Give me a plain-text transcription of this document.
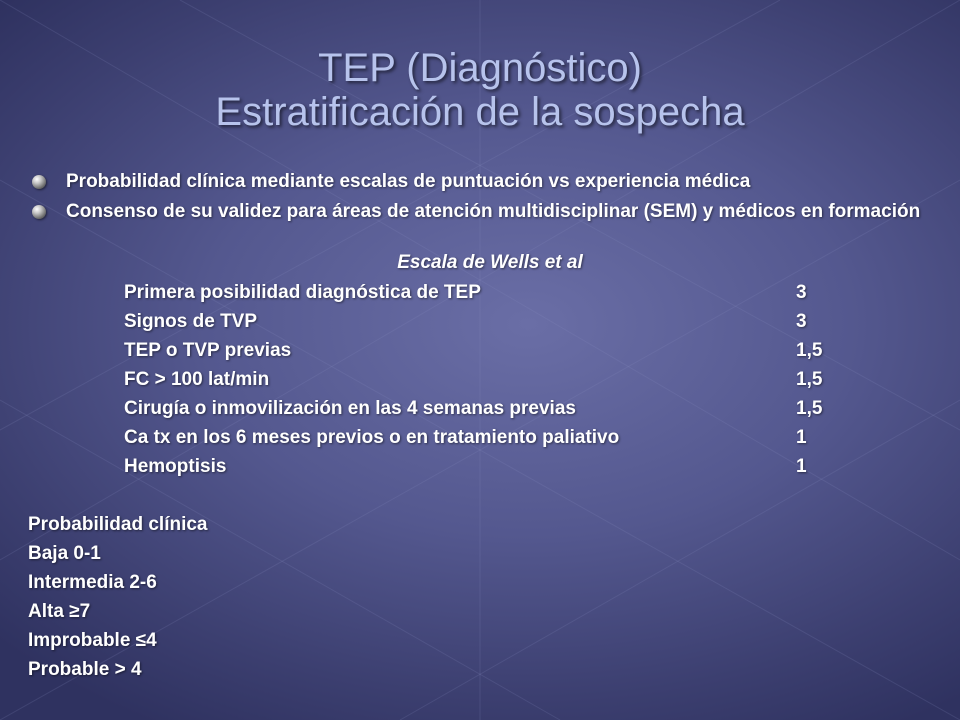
TEP (Diagnóstico)
Estratificación de la sospecha
Probabilidad clínica mediante escalas de puntuación vs experiencia médica
Consenso de su validez para áreas de atención multidisciplinar (SEM) y médicos en formación
Escala de Wells et al
Primera posibilidad diagnóstica de TEP	3
Signos de TVP	3
TEP o TVP previas	1,5
FC > 100 lat/min	1,5
Cirugía o inmovilización en las 4 semanas previas	1,5
Ca tx en los 6 meses previos o en tratamiento paliativo	1
Hemoptisis	1
Probabilidad clínica
Baja 0-1
Intermedia 2-6
Alta ≥7
Improbable ≤4
Probable > 4
